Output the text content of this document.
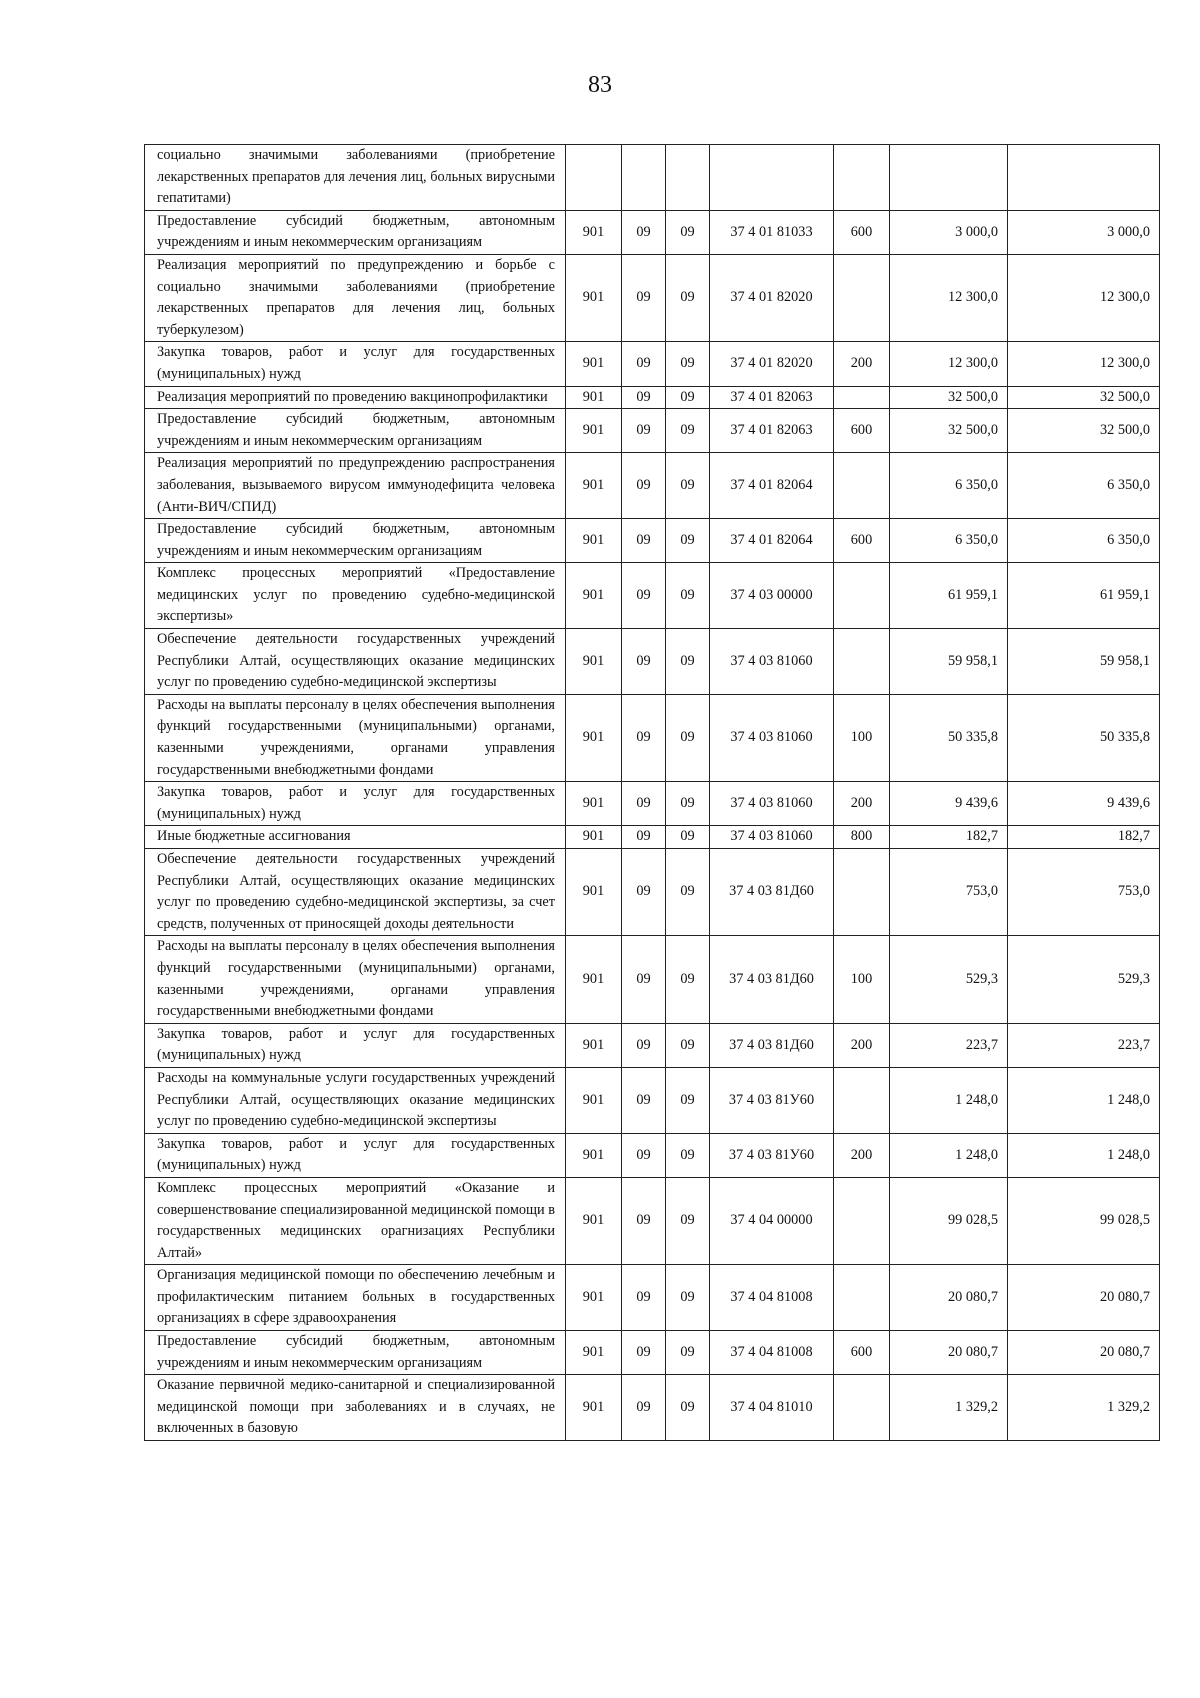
83
социально значимыми заболеваниями (приобретение лекарственных препаратов для лечения лиц, больных вирусными гепатитами)							
Предоставление субсидий бюджетным, автономным учреждениям и иным некоммерческим организациям	901	09	09	37 4 01 81033	600	3 000,0	3 000,0
Реализация мероприятий по предупреждению и борьбе с социально значимыми заболеваниями (приобретение лекарственных препаратов для лечения лиц, больных туберкулезом)	901	09	09	37 4 01 82020		12 300,0	12 300,0
Закупка товаров, работ и услуг для государственных (муниципальных) нужд	901	09	09	37 4 01 82020	200	12 300,0	12 300,0
Реализация мероприятий по проведению вакцинопрофилактики	901	09	09	37 4 01 82063		32 500,0	32 500,0
Предоставление субсидий бюджетным, автономным учреждениям и иным некоммерческим организациям	901	09	09	37 4 01 82063	600	32 500,0	32 500,0
Реализация мероприятий по предупреждению распространения заболевания, вызываемого вирусом иммунодефицита человека (Анти-ВИЧ/СПИД)	901	09	09	37 4 01 82064		6 350,0	6 350,0
Предоставление субсидий бюджетным, автономным учреждениям и иным некоммерческим организациям	901	09	09	37 4 01 82064	600	6 350,0	6 350,0
Комплекс процессных мероприятий «Предоставление медицинских услуг по проведению судебно-медицинской экспертизы»	901	09	09	37 4 03 00000		61 959,1	61 959,1
Обеспечение деятельности государственных учреждений Республики Алтай, осуществляющих оказание медицинских услуг по проведению судебно-медицинской экспертизы	901	09	09	37 4 03 81060		59 958,1	59 958,1
Расходы на выплаты персоналу в целях обеспечения выполнения функций государственными (муниципальными) органами, казенными учреждениями, органами управления государственными внебюджетными фондами	901	09	09	37 4 03 81060	100	50 335,8	50 335,8
Закупка товаров, работ и услуг для государственных (муниципальных) нужд	901	09	09	37 4 03 81060	200	9 439,6	9 439,6
Иные бюджетные ассигнования	901	09	09	37 4 03 81060	800	182,7	182,7
Обеспечение деятельности государственных учреждений Республики Алтай, осуществляющих оказание медицинских услуг по проведению судебно-медицинской экспертизы, за счет средств, полученных от приносящей доходы деятельности	901	09	09	37 4 03 81Д60		753,0	753,0
Расходы на выплаты персоналу в целях обеспечения выполнения функций государственными (муниципальными) органами, казенными учреждениями, органами управления государственными внебюджетными фондами	901	09	09	37 4 03 81Д60	100	529,3	529,3
Закупка товаров, работ и услуг для государственных (муниципальных) нужд	901	09	09	37 4 03 81Д60	200	223,7	223,7
Расходы на коммунальные услуги государственных учреждений Республики Алтай, осуществляющих оказание медицинских услуг по проведению судебно-медицинской экспертизы	901	09	09	37 4 03 81У60		1 248,0	1 248,0
Закупка товаров, работ и услуг для государственных (муниципальных) нужд	901	09	09	37 4 03 81У60	200	1 248,0	1 248,0
Комплекс процессных мероприятий «Оказание и совершенствование специализированной медицинской помощи в государственных медицинских орагнизациях Республики Алтай»	901	09	09	37 4 04 00000		99 028,5	99 028,5
Организация медицинской помощи по обеспечению лечебным и профилактическим питанием больных в государственных организациях в сфере здравоохранения	901	09	09	37 4 04 81008		20 080,7	20 080,7
Предоставление субсидий бюджетным, автономным учреждениям и иным некоммерческим организациям	901	09	09	37 4 04 81008	600	20 080,7	20 080,7
Оказание первичной медико-санитарной и специализированной медицинской помощи при заболеваниях и в случаях, не включенных в базовую	901	09	09	37 4 04 81010		1 329,2	1 329,2
